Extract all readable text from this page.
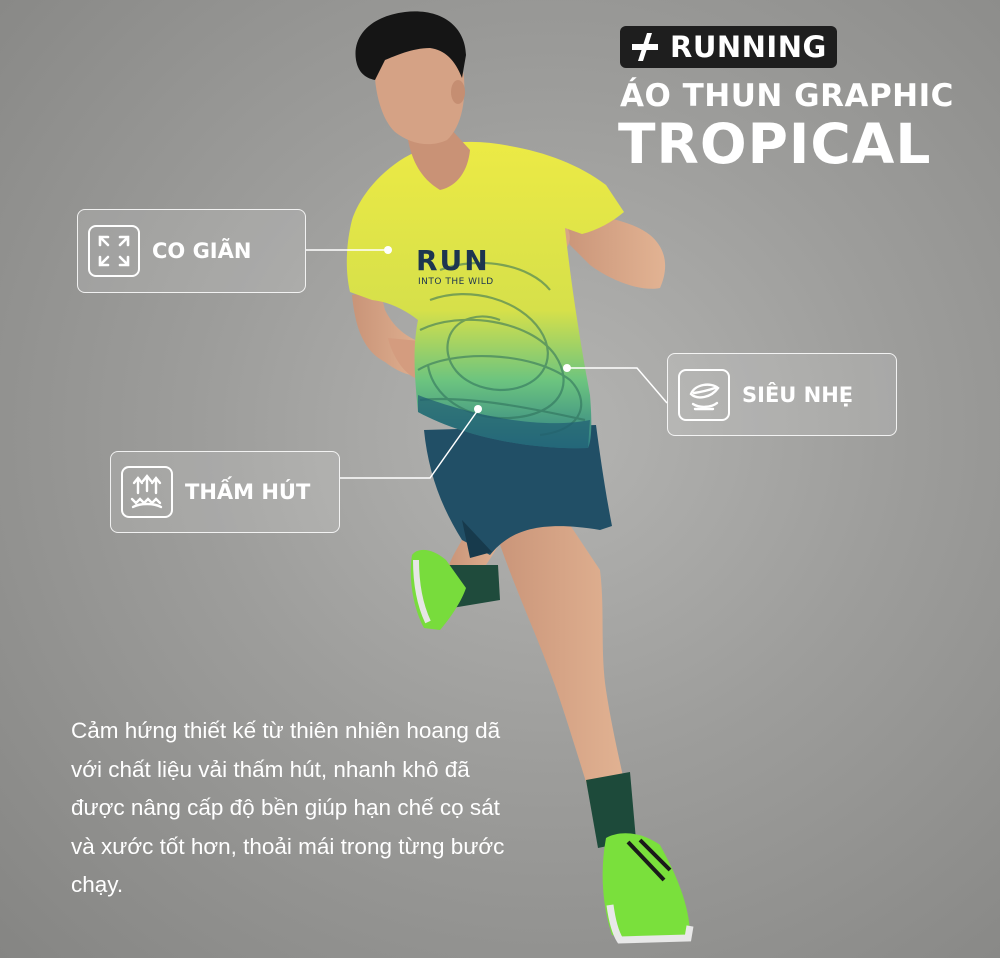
RUN
INTO THE WILD
RUNNING
ÁO THUN GRAPHIC
TROPICAL
CO GIÃN
SIÊU NHẸ
THẤM HÚT
Cảm hứng thiết kế từ thiên nhiên hoang dã với chất liệu vải thấm hút, nhanh khô đã được nâng cấp độ bền giúp hạn chế cọ sát và xước tốt hơn, thoải mái trong từng bước chạy.
